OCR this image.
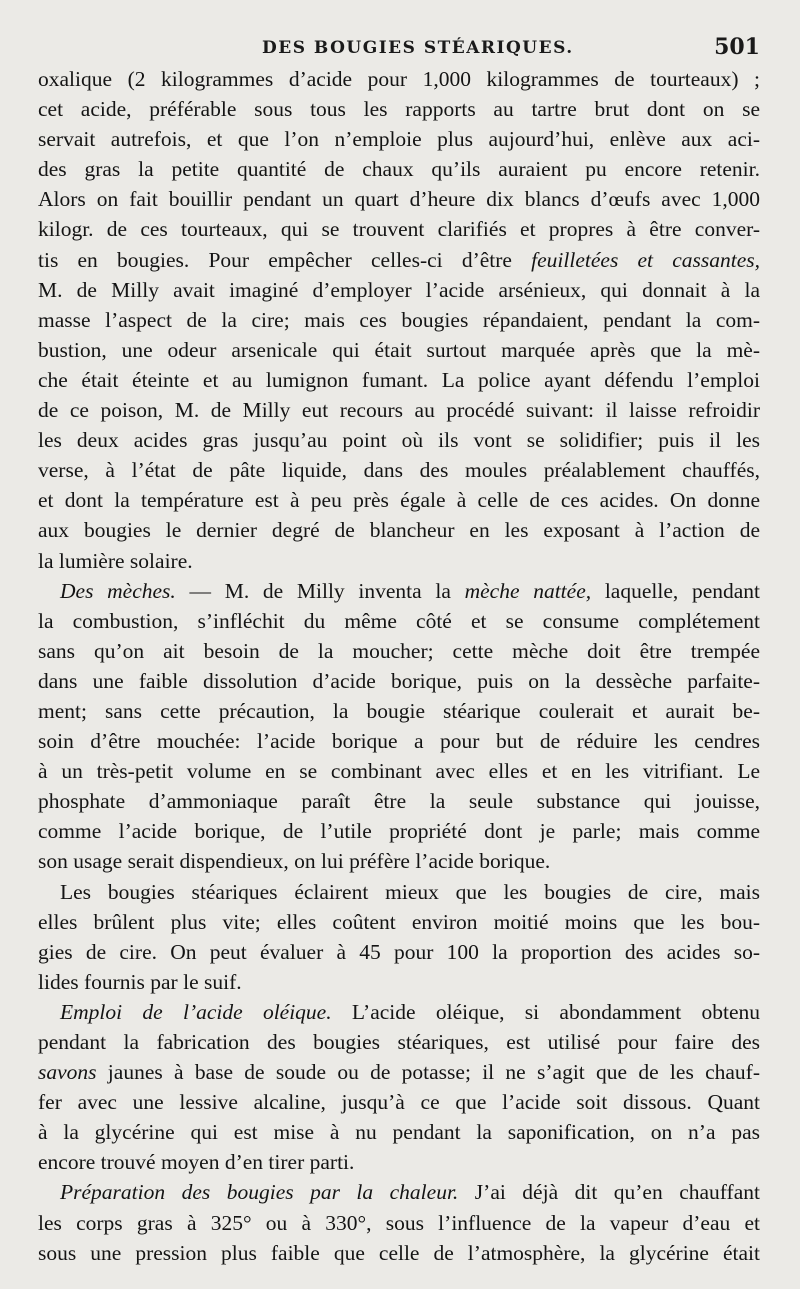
DES BOUGIES STÉARIQUES.	501
oxalique (2 kilogrammes d’acide pour 1,000 kilogrammes de tourteaux) ;
cet acide, préférable sous tous les rapports au tartre brut dont on se
servait autrefois, et que l’on n’emploie plus aujourd’hui, enlève aux aci-
des gras la petite quantité de chaux qu’ils auraient pu encore retenir.
Alors on fait bouillir pendant un quart d’heure dix blancs d’œufs avec 1,000
kilogr. de ces tourteaux, qui se trouvent clarifiés et propres à être conver-
tis en bougies. Pour empêcher celles-ci d’être feuilletées et cassantes,
M. de Milly avait imaginé d’employer l’acide arsénieux, qui donnait à la
masse l’aspect de la cire; mais ces bougies répandaient, pendant la com-
bustion, une odeur arsenicale qui était surtout marquée après que la mè-
che était éteinte et au lumignon fumant. La police ayant défendu l’emploi
de ce poison, M. de Milly eut recours au procédé suivant: il laisse refroidir
les deux acides gras jusqu’au point où ils vont se solidifier; puis il les
verse, à l’état de pâte liquide, dans des moules préalablement chauffés,
et dont la température est à peu près égale à celle de ces acides. On donne
aux bougies le dernier degré de blancheur en les exposant à l’action de
la lumière solaire.
Des mèches. — M. de Milly inventa la mèche nattée, laquelle, pendant
la combustion, s’infléchit du même côté et se consume complétement
sans qu’on ait besoin de la moucher; cette mèche doit être trempée
dans une faible dissolution d’acide borique, puis on la dessèche parfaite-
ment; sans cette précaution, la bougie stéarique coulerait et aurait be-
soin d’être mouchée: l’acide borique a pour but de réduire les cendres
à un très-petit volume en se combinant avec elles et en les vitrifiant. Le
phosphate d’ammoniaque paraît être la seule substance qui jouisse,
comme l’acide borique, de l’utile propriété dont je parle; mais comme
son usage serait dispendieux, on lui préfère l’acide borique.
Les bougies stéariques éclairent mieux que les bougies de cire, mais
elles brûlent plus vite; elles coûtent environ moitié moins que les bou-
gies de cire. On peut évaluer à 45 pour 100 la proportion des acides so-
lides fournis par le suif.
Emploi de l’acide oléique. L’acide oléique, si abondamment obtenu
pendant la fabrication des bougies stéariques, est utilisé pour faire des
savons jaunes à base de soude ou de potasse; il ne s’agit que de les chauf-
fer avec une lessive alcaline, jusqu’à ce que l’acide soit dissous. Quant
à la glycérine qui est mise à nu pendant la saponification, on n’a pas
encore trouvé moyen d’en tirer parti.
Préparation des bougies par la chaleur. J’ai déjà dit qu’en chauffant
les corps gras à 325° ou à 330°, sous l’influence de la vapeur d’eau et
sous une pression plus faible que celle de l’atmosphère, la glycérine était
